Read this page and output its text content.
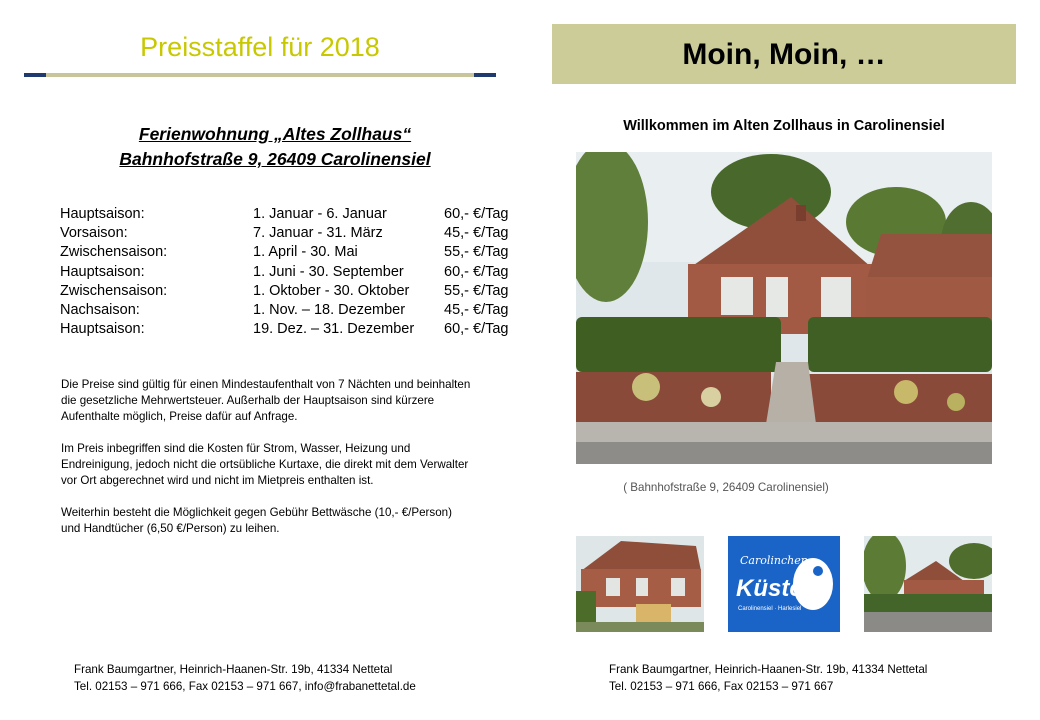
Preisstaffel für 2018
Ferienwohnung „Altes Zollhaus“
Bahnhofstraße 9, 26409 Carolinensiel
Hauptsaison:	1. Januar - 6. Januar	60,- €/Tag
Vorsaison:	7. Januar - 31. März	45,- €/Tag
Zwischensaison:	1. April - 30. Mai	55,- €/Tag
Hauptsaison:	1. Juni - 30. September	60,- €/Tag
Zwischensaison:	1. Oktober - 30. Oktober	55,- €/Tag
Nachsaison:	1. Nov. – 18. Dezember	45,- €/Tag
Hauptsaison:	19. Dez. – 31. Dezember	60,- €/Tag
Die Preise sind gültig für einen Mindestaufenthalt von 7 Nächten und beinhalten
die gesetzliche Mehrwertsteuer. Außerhalb der Hauptsaison sind kürzere
Aufenthalte möglich, Preise dafür auf Anfrage.
Im Preis inbegriffen sind die Kosten für Strom, Wasser, Heizung und
Endreinigung, jedoch nicht die ortsübliche Kurtaxe, die direkt mit dem Verwalter
vor Ort abgerechnet wird und nicht im Mietpreis enthalten ist.
Weiterhin besteht die Möglichkeit gegen Gebühr Bettwäsche (10,- €/Person)
und Handtücher (6,50 €/Person) zu leihen.
Frank Baumgartner, Heinrich-Haanen-Str. 19b, 41334 Nettetal
Tel. 02153 – 971 666, Fax 02153 – 971 667, info@frabanettetal.de
Moin, Moin, …
Willkommen im Alten Zollhaus in Carolinensiel
( Bahnhofstraße 9, 26409 Carolinensiel)
Carolinchen
Küste
Carolinensiel · Harlesiel
Frank Baumgartner, Heinrich-Haanen-Str. 19b, 41334 Nettetal
Tel. 02153 – 971 666, Fax 02153 – 971 667
